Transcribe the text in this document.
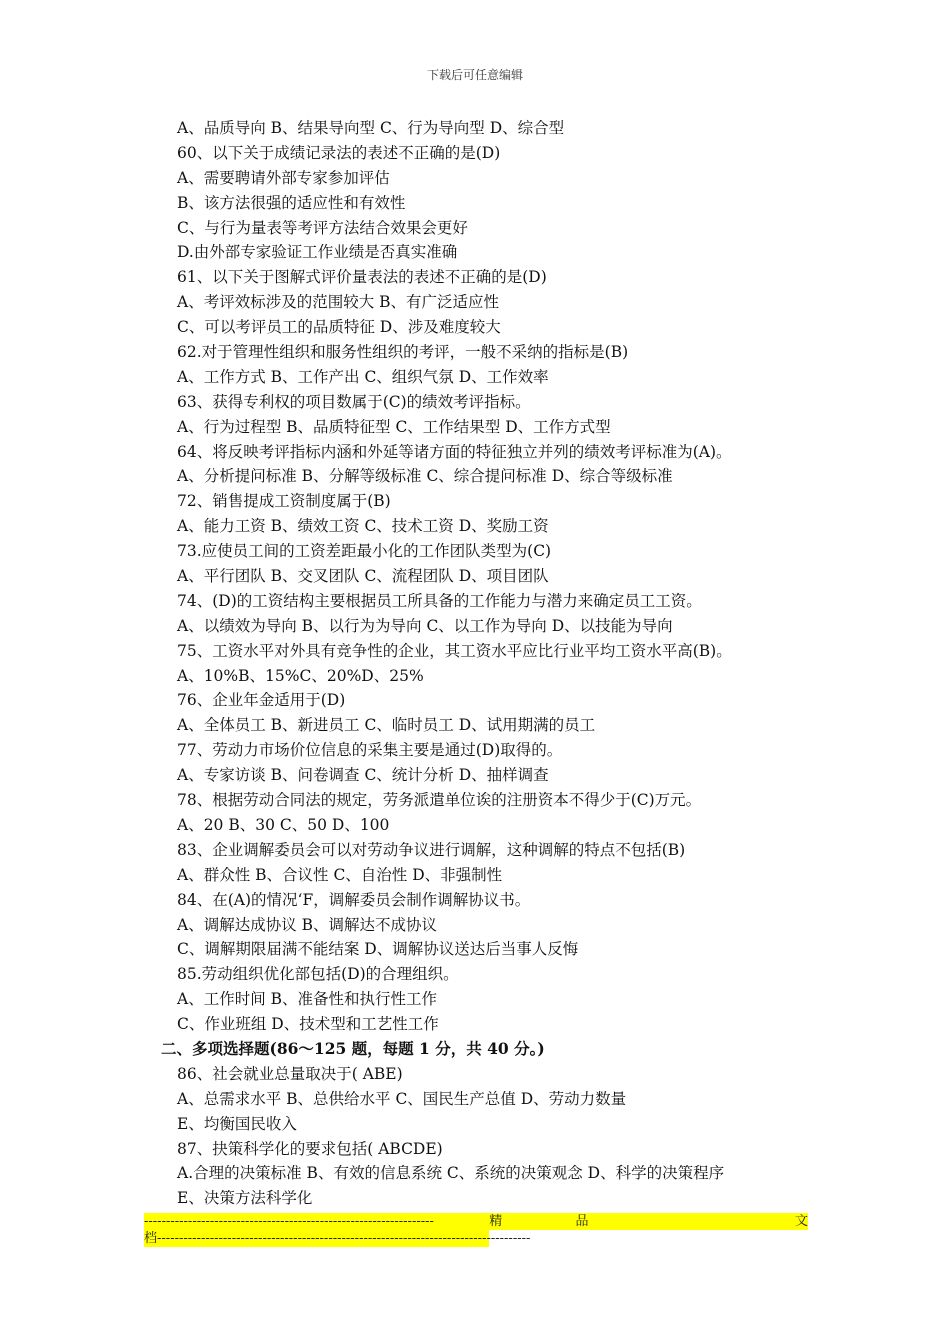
下载后可任意编辑
A、品质导向 B、结果导向型 C、行为导向型 D、综合型
60、以下关于成绩记录法的表述不正确的是(D)
A、需要聘请外部专家参加评估
B、该方法很强的适应性和有效性
C、与行为量表等考评方法结合效果会更好
D.由外部专家验证工作业绩是否真实准确
61、以下关于图解式评价量表法的表述不正确的是(D)
A、考评效标涉及的范围较大 B、有广泛适应性
C、可以考评员工的品质特征 D、涉及难度较大
62.对于管理性组织和服务性组织的考评，一般不采纳的指标是(B)
A、工作方式 B、工作产出 C、组织气氛 D、工作效率
63、获得专利权的项目数属于(C)的绩效考评指标。
A、行为过程型 B、品质特征型 C、工作结果型 D、工作方式型
64、将反映考评指标内涵和外延等诸方面的特征独立并列的绩效考评标准为(A)。
A、分析提问标准 B、分解等级标准 C、综合提问标准 D、综合等级标准
72、销售提成工资制度属于(B)
A、能力工资 B、绩效工资 C、技术工资 D、奖励工资
73.应使员工间的工资差距最小化的工作团队类型为(C)
A、平行团队 B、交叉团队 C、流程团队 D、项目团队
74、(D)的工资结构主要根据员工所具备的工作能力与潜力来确定员工工资。
A、以绩效为导向 B、以行为为导向 C、以工作为导向 D、以技能为导向
75、工资水平对外具有竞争性的企业，其工资水平应比行业平均工资水平高(B)。
A、10%B、15%C、20%D、25%
76、企业年金适用于(D)
A、全体员工 B、新进员工 C、临时员工 D、试用期满的员工
77、劳动力市场价位信息的采集主要是通过(D)取得的。
A、专家访谈 B、问卷调查 C、统计分析 D、抽样调查
78、根据劳动合同法的规定，劳务派遣单位诶的注册资本不得少于(C)万元。
A、20 B、30 C、50 D、100
83、企业调解委员会可以对劳动争议进行调解，这种调解的特点不包括(B)
A、群众性 B、合议性 C、自治性 D、非强制性
84、在(A)的情况‘F，调解委员会制作调解协议书。
A、调解达成协议 B、调解达不成协议
C、调解期限届满不能结案 D、调解协议送达后当事人反悔
85.劳动组织优化部包括(D)的合理组织。
A、工作时间 B、准备性和执行性工作
C、作业班组 D、技术型和工艺性工作
二、多项选择题(86～125 题，每题 1 分，共 40 分。)
86、社会就业总量取决于( ABE)
A、总需求水平 B、总供给水平 C、国民生产总值 D、劳动力数量
E、均衡国民收入
87、抉策科学化的要求包括( ABCDE)
A.合理的决策标准 B、有效的信息系统 C、系统的决策观念 D、科学的决策程序
E、决策方法科学化
------------------------------------------------------------------	精	品	文
档-------------------------------------------------------------------------------------
